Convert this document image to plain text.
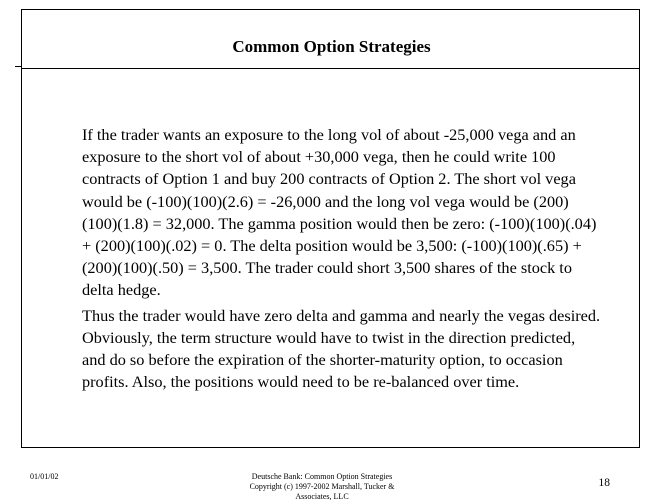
Common Option Strategies

If the trader wants an exposure to the long vol of about -25,000 vega and an exposure to the short vol of about +30,000 vega, then he could write 100 contracts of Option 1 and buy 200 contracts of Option 2. The short vol vega would be (-100)(100)(2.6) = -26,000 and the long vol vega would be (200)(100)(1.8) = 32,000. The gamma position would then be zero: (-100)(100)(.04) + (200)(100)(.02) = 0. The delta position would be 3,500: (-100)(100)(.65) + (200)(100)(.50) = 3,500. The trader could short 3,500 shares of the stock to delta hedge.

Thus the trader would have zero delta and gamma and nearly the vegas desired. Obviously, the term structure would have to twist in the direction predicted, and do so before the expiration of the shorter-maturity option, to occasion profits. Also, the positions would need to be re-balanced over time.

01/01/02	Deutsche Bank: Common Option Strategies
Copyright (c) 1997-2002 Marshall, Tucker &
Associates, LLC
18
